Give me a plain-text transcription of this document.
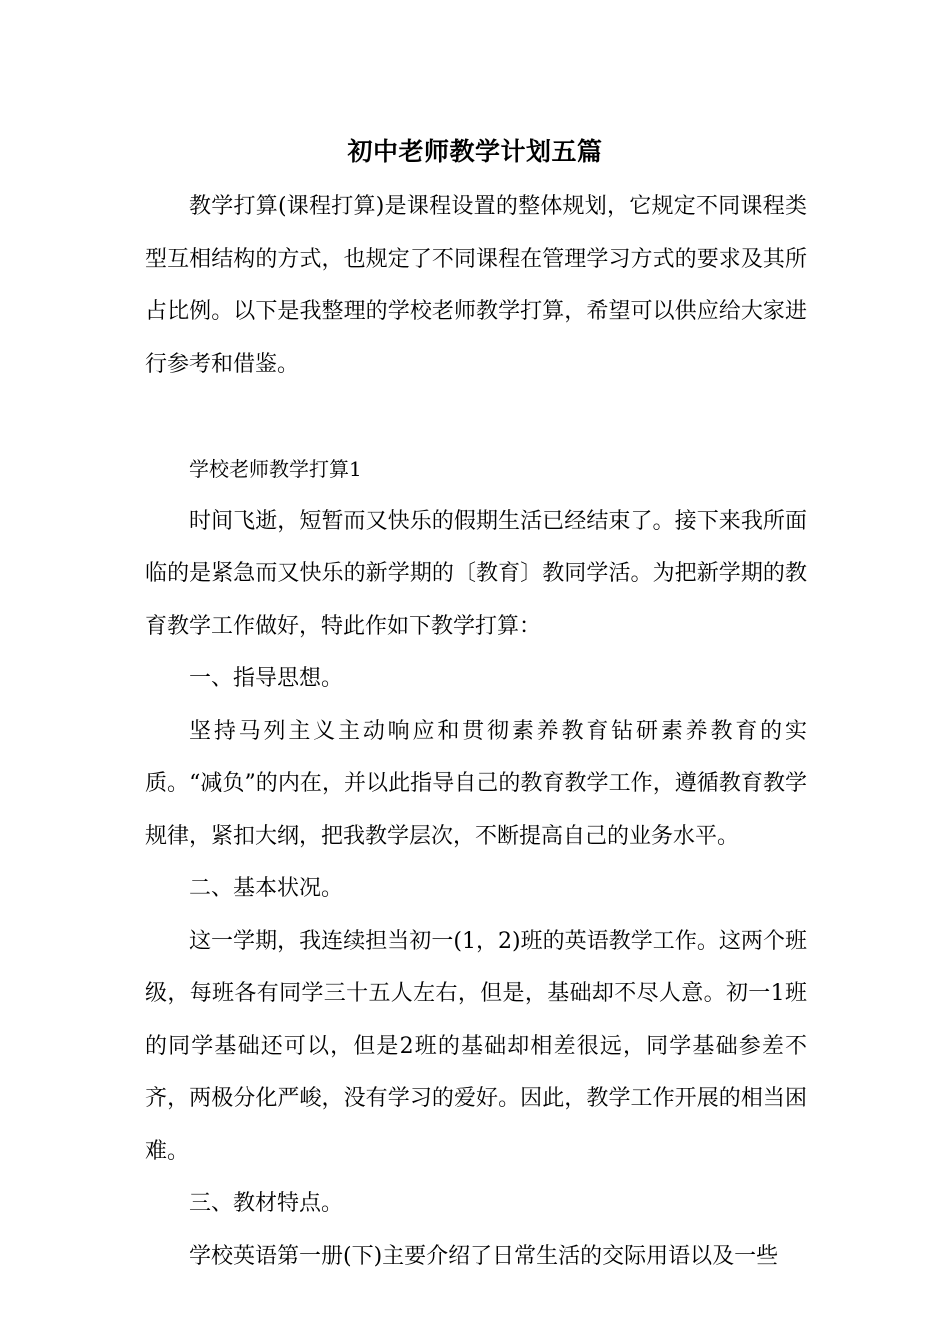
初中老师教学计划五篇

教学打算(课程打算)是课程设置的整体规划，它规定不同课程类型互相结构的方式，也规定了不同课程在管理学习方式的要求及其所占比例。以下是我整理的学校老师教学打算，希望可以供应给大家进行参考和借鉴。

学校老师教学打算1

时间飞逝，短暂而又快乐的假期生活已经结束了。接下来我所面临的是紧急而又快乐的新学期的〔教育〕教同学活。为把新学期的教育教学工作做好，特此作如下教学打算：

一、指导思想。

坚持马列主义主动响应和贯彻素养教育钻研素养教育的实质。“减负”的内在，并以此指导自己的教育教学工作，遵循教育教学规律，紧扣大纲，把我教学层次，不断提高自己的业务水平。

二、基本状况。

这一学期，我连续担当初一(1，2)班的英语教学工作。这两个班级，每班各有同学三十五人左右，但是，基础却不尽人意。初一1班的同学基础还可以，但是2班的基础却相差很远，同学基础参差不齐，两极分化严峻，没有学习的爱好。因此，教学工作开展的相当困难。

三、教材特点。

学校英语第一册(下)主要介绍了日常生活的交际用语以及一些
